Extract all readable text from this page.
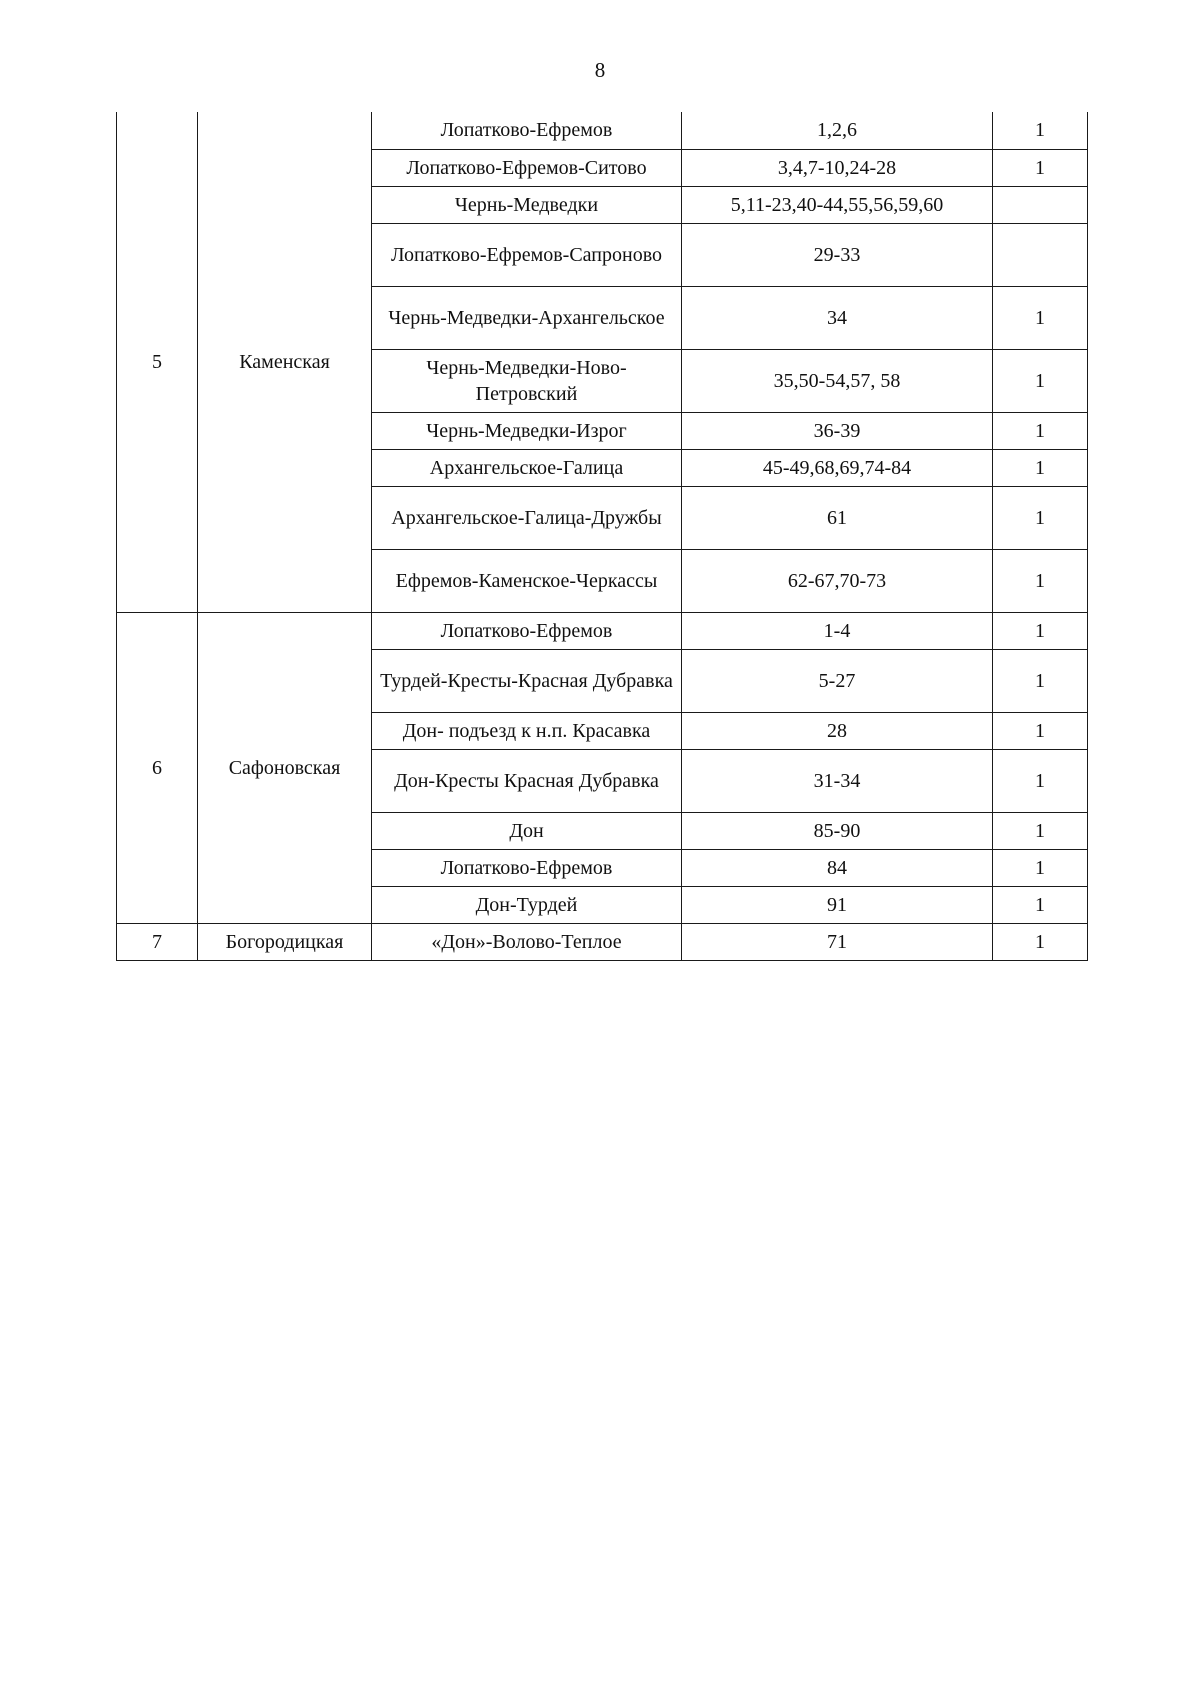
8
5	Каменская	Лопатково-Ефремов	1,2,6	1
		Лопатково-Ефремов-Ситово	3,4,7-10,24-28	1
		Чернь-Медведки	5,11-23,40-44,55,56,59,60	
		Лопатково-Ефремов-Сапроново	29-33	
		Чернь-Медведки-Архангельское	34	1
		Чернь-Медведки-Ново-Петровский	35,50-54,57, 58	1
		Чернь-Медведки-Изрог	36-39	1
		Архангельское-Галица	45-49,68,69,74-84	1
		Архангельское-Галица-Дружбы	61	1
		Ефремов-Каменское-Черкассы	62-67,70-73	1
6	Сафоновская	Лопатково-Ефремов	1-4	1
		Турдей-Кресты-Красная Дубравка	5-27	1
		Дон- подъезд к н.п. Красавка	28	1
		Дон-Кресты Красная Дубравка	31-34	1
		Дон	85-90	1
		Лопатково-Ефремов	84	1
		Дон-Турдей	91	1
7	Богородицкая	«Дон»-Волово-Теплое	71	1
